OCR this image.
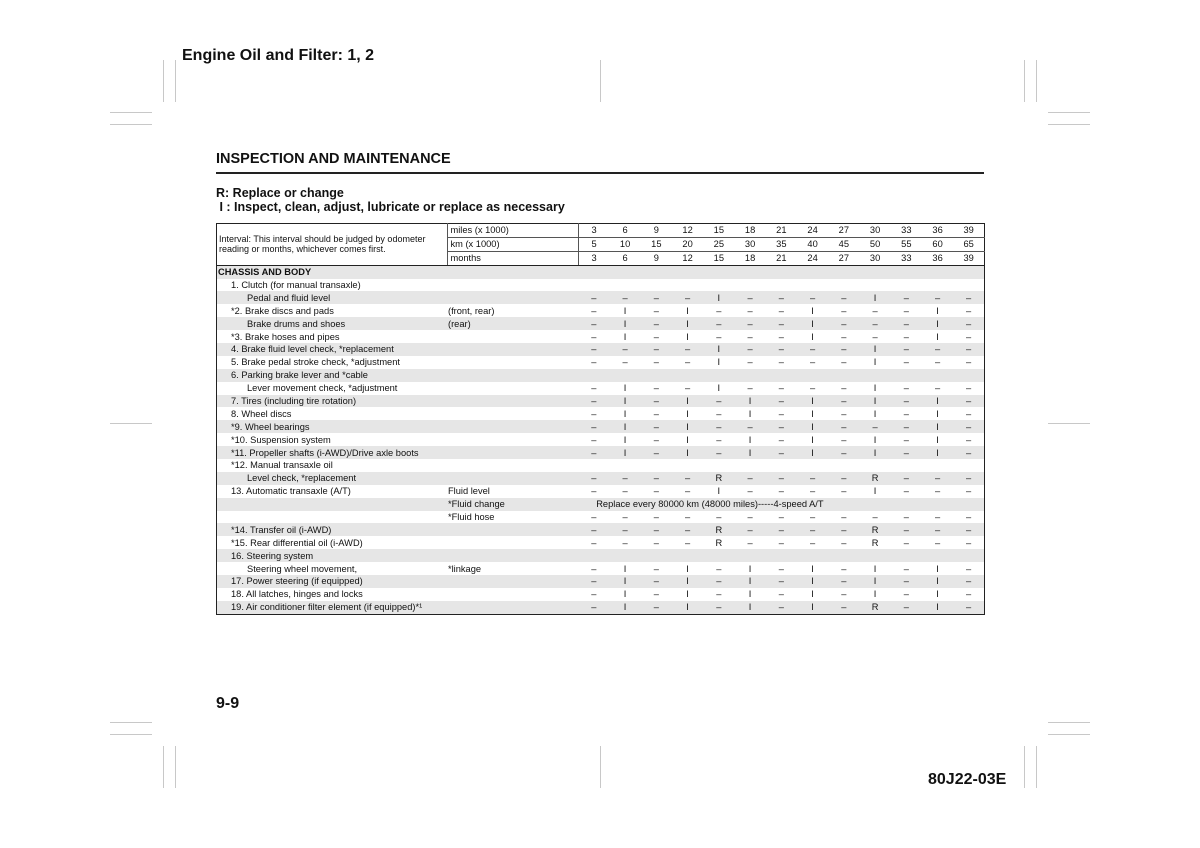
Engine Oil and Filter: 1, 2
INSPECTION AND MAINTENANCE
R: Replace or change
I : Inspect, clean, adjust, lubricate or replace as necessary
Interval: This interval should be judged by odometer reading or months, whichever comes first.	miles (x 1000)	3	6	9	12	15	18	21	24	27	30	33	36	39
	km (x 1000)	5	10	15	20	25	30	35	40	45	50	55	60	65
	months	3	6	9	12	15	18	21	24	27	30	33	36	39
CHASSIS AND BODY														
1. Clutch (for manual transaxle)														
Pedal and fluid level		–	–	–	–	I	–	–	–	–	I	–	–	–
*2. Brake discs and pads	(front, rear)	–	I	–	I	–	–	–	I	–	–	–	I	–
Brake drums and shoes	(rear)	–	I	–	I	–	–	–	I	–	–	–	I	–
*3. Brake hoses and pipes		–	I	–	I	–	–	–	I	–	–	–	I	–
4. Brake fluid level check, *replacement		–	–	–	–	I	–	–	–	–	I	–	–	–
5. Brake pedal stroke check, *adjustment		–	–	–	–	I	–	–	–	–	I	–	–	–
6. Parking brake lever and *cable														
Lever movement check, *adjustment		–	I	–	–	I	–	–	–	–	I	–	–	–
7. Tires (including tire rotation)		–	I	–	I	–	I	–	I	–	I	–	I	–
8. Wheel discs		–	I	–	I	–	I	–	I	–	I	–	I	–
*9. Wheel bearings		–	I	–	I	–	–	–	I	–	–	–	I	–
*10. Suspension system		–	I	–	I	–	I	–	I	–	I	–	I	–
*11. Propeller shafts (i-AWD)/Drive axle boots		–	I	–	I	–	I	–	I	–	I	–	I	–
*12. Manual transaxle oil														
Level check, *replacement		–	–	–	–	R	–	–	–	–	R	–	–	–
13. Automatic transaxle (A/T)	Fluid level	–	–	–	–	I	–	–	–	–	I	–	–	–
	*Fluid change	Replace every 80000 km (48000 miles)-----4-speed A/T												
	*Fluid hose	–	–	–	–	–	–	–	–	–	–	–	–	–
*14. Transfer oil (i-AWD)		–	–	–	–	R	–	–	–	–	R	–	–	–
*15. Rear differential oil (i-AWD)		–	–	–	–	R	–	–	–	–	R	–	–	–
16. Steering system														
Steering wheel movement,	*linkage	–	I	–	I	–	I	–	I	–	I	–	I	–
17. Power steering (if equipped)		–	I	–	I	–	I	–	I	–	I	–	I	–
18. All latches, hinges and locks		–	I	–	I	–	I	–	I	–	I	–	I	–
19. Air conditioner filter element (if equipped)*¹		–	I	–	I	–	I	–	I	–	R	–	I	–
9-9
80J22-03E
